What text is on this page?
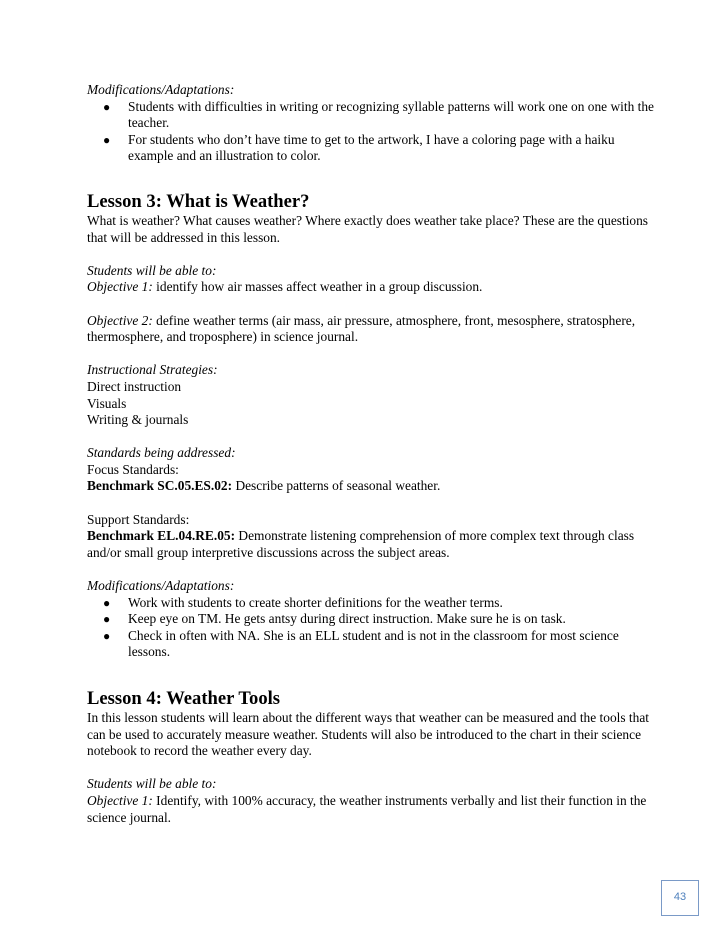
Modifications/Adaptations:

● Students with difficulties in writing or recognizing syllable patterns will work one on one with the teacher.
● For students who don’t have time to get to the artwork, I have a coloring page with a haiku example and an illustration to color.
Lesson 3: What is Weather?

What is weather? What causes weather? Where exactly does weather take place? These are the questions that will be addressed in this lesson.

Students will be able to:

Objective 1: identify how air masses affect weather in a group discussion.

Objective 2: define weather terms (air mass, air pressure, atmosphere, front, mesosphere, stratosphere, thermosphere, and troposphere) in science journal.

Instructional Strategies:

Direct instruction

Visuals

Writing & journals

Standards being addressed:

Focus Standards:

Benchmark SC.05.ES.02: Describe patterns of seasonal weather.

Support Standards:

Benchmark EL.04.RE.05: Demonstrate listening comprehension of more complex text through class and/or small group interpretive discussions across the subject areas.

Modifications/Adaptations:

● Work with students to create shorter definitions for the weather terms.
● Keep eye on TM. He gets antsy during direct instruction. Make sure he is on task.
● Check in often with NA. She is an ELL student and is not in the classroom for most science lessons.
Lesson 4: Weather Tools

In this lesson students will learn about the different ways that weather can be measured and the tools that can be used to accurately measure weather. Students will also be introduced to the chart in their science notebook to record the weather every day.

Students will be able to:

Objective 1: Identify, with 100% accuracy, the weather instruments verbally and list their function in the science journal.

43
